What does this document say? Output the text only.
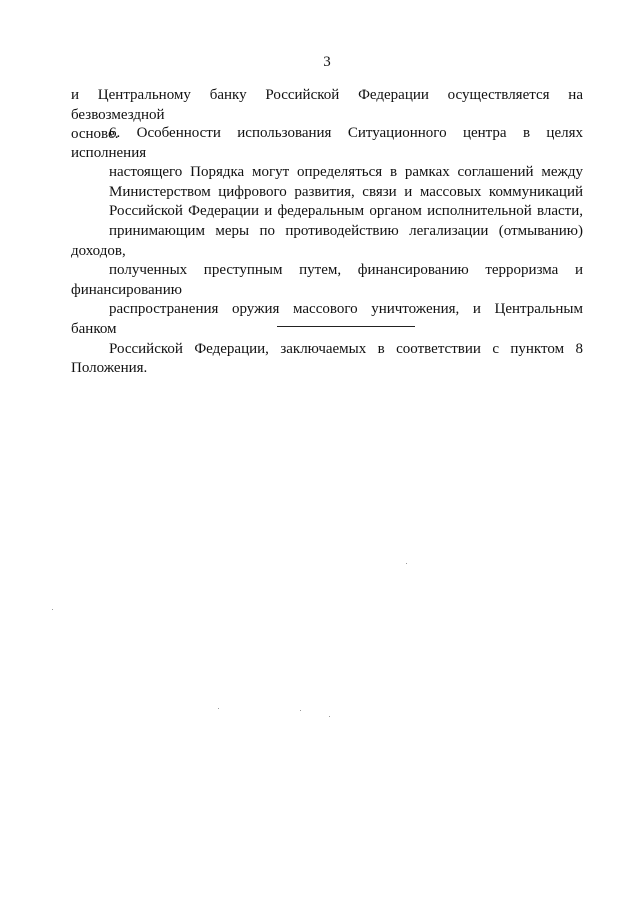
3
и Центральному банку Российской Федерации осуществляется на безвозмездной
основе.
6. Особенности использования Ситуационного центра в целях исполнения
настоящего Порядка могут определяться в рамках соглашений между
Министерством цифрового развития, связи и массовых коммуникаций
Российской Федерации и федеральным органом исполнительной власти,
принимающим меры по противодействию легализации (отмыванию) доходов,
полученных преступным путем, финансированию терроризма и финансированию
распространения оружия массового уничтожения, и Центральным банком
Российской Федерации, заключаемых в соответствии с пунктом 8 Положения.
